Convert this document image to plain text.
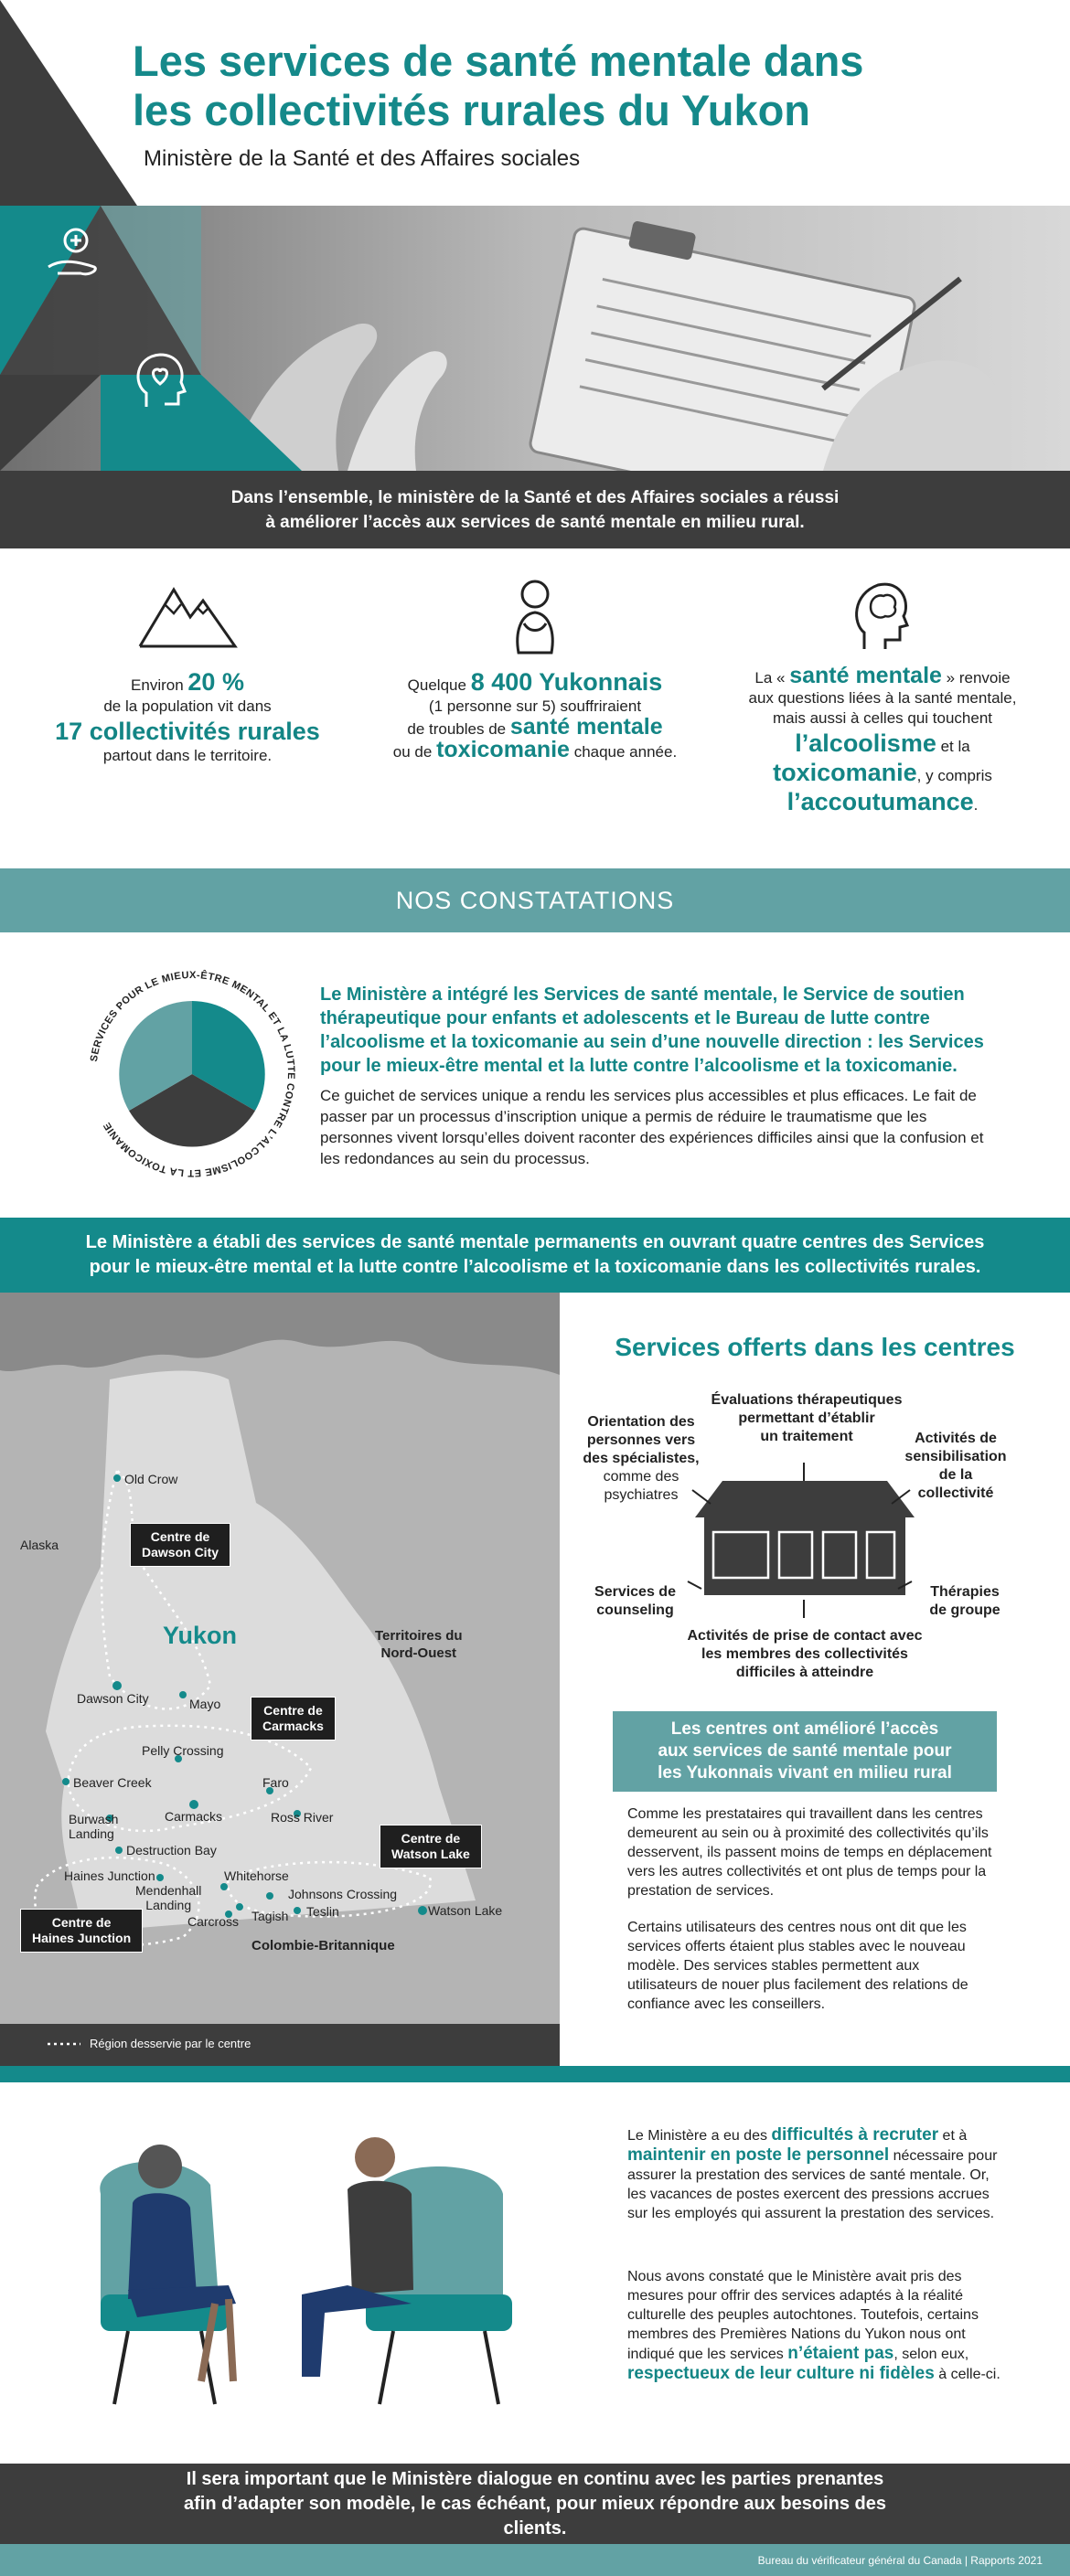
Les services de santé mentale dans
les collectivités rurales du Yukon
Ministère de la Santé et des Affaires sociales
Dans l’ensemble, le ministère de la Santé et des Affaires sociales a réussi
à améliorer l’accès aux services de santé mentale en milieu rural.
Environ 20 %
de la population vit dans
17 collectivités rurales
partout dans le territoire.
Quelque 8 400 Yukonnais
(1 personne sur 5) souffriraient
de troubles de santé mentale
ou de toxicomanie chaque année.
La « santé mentale » renvoie
aux questions liées à la santé mentale,
mais aussi à celles qui touchent
l’alcoolisme et la
toxicomanie, y compris
l’accoutumance.
NOS CONSTATATIONS
SERVICES POUR LE MIEUX-ÊTRE MENTAL ET LA LUTTE CONTRE L’ALCOOLISME ET LA TOXICOMANIE
Le Ministère a intégré les Services de santé mentale, le Service de soutien thérapeutique pour enfants et adolescents et le Bureau de lutte contre l’alcoolisme et la toxicomanie au sein d’une nouvelle direction : les Services pour le mieux-être mental et la lutte contre l’alcoolisme et la toxicomanie.
Ce guichet de services unique a rendu les services plus accessibles et plus efficaces. Le fait de passer par un processus d’inscription unique a permis de réduire le traumatisme que les personnes vivent lorsqu’elles doivent raconter des expériences difficiles ainsi que la confusion et les redondances au sein du processus.
Le Ministère a établi des services de santé mentale permanents en ouvrant quatre centres des Services
pour le mieux-être mental et la lutte contre l’alcoolisme et la toxicomanie dans les collectivités rurales.
Alaska
Yukon	Territoires du
Nord-Ouest
Colombie-Britannique
Old Crow
Dawson City	Mayo
Pelly Crossing
Beaver Creek	Faro
Carmacks	Ross River
Burwash
Landing
Destruction Bay
Haines Junction	Whitehorse
Mendenhall
Landing
Johnsons Crossing
Carcross Tagish Teslin	Watson Lake
Centre de
Dawson City
Centre de
Carmacks
Centre de
Watson Lake
Centre de
Haines Junction
Région desservie par le centre
Services offerts dans les centres
Évaluations thérapeutiques
permettant d’établir
un traitement
Orientation des
personnes vers
des spécialistes,
comme des
psychiatres
Activités de
sensibilisation
de la
collectivité
Services de
counseling
Thérapies
de groupe
Activités de prise de contact avec
les membres des collectivités
difficiles à atteindre
Les centres ont amélioré l’accès
aux services de santé mentale pour
les Yukonnais vivant en milieu rural
Comme les prestataires qui travaillent dans les centres demeurent au sein ou à proximité des collectivités qu’ils desservent, ils passent moins de temps en déplacement vers les autres collectivités et ont plus de temps pour la prestation de services.
Certains utilisateurs des centres nous ont dit que les services offerts étaient plus stables avec le nouveau modèle. Des services stables permettent aux utilisateurs de nouer plus facilement des relations de confiance avec les conseillers.
Le Ministère a eu des difficultés à recruter et à maintenir en poste le personnel nécessaire pour assurer la prestation des services de santé mentale. Or, les vacances de postes exercent des pressions accrues sur les employés qui assurent la prestation des services.
Nous avons constaté que le Ministère avait pris des mesures pour offrir des services adaptés à la réalité culturelle des peuples autochtones. Toutefois, certains membres des Premières Nations du Yukon nous ont indiqué que les services n’étaient pas, selon eux, respectueux de leur culture ni fidèles à celle-ci.
Il sera important que le Ministère dialogue en continu avec les parties prenantes
afin d’adapter son modèle, le cas échéant, pour mieux répondre aux besoins des clients.
Bureau du vérificateur général du Canada | Rapports 2021
